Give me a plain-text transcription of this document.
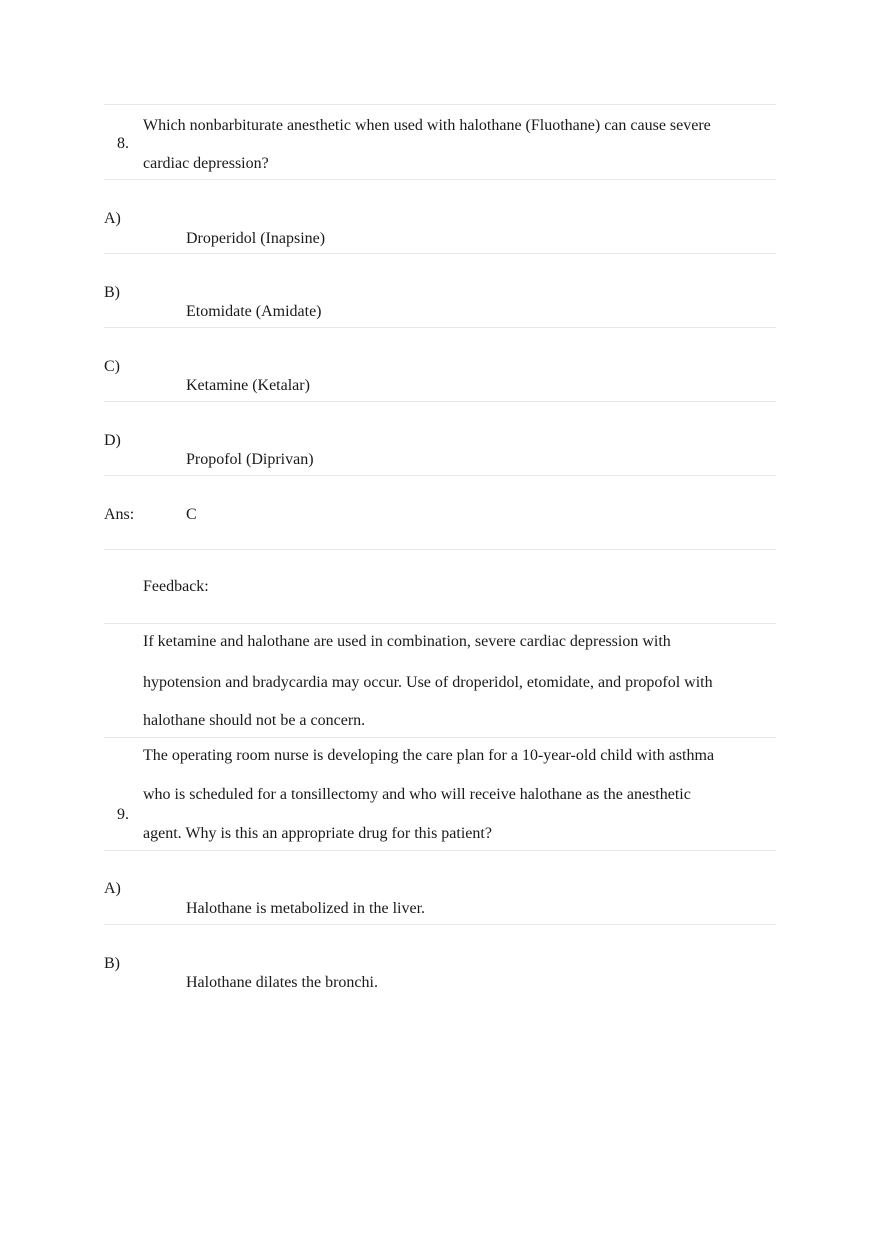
8.
Which nonbarbiturate anesthetic when used with halothane (Fluothane) can cause severe
cardiac depression?
A)
Droperidol (Inapsine)
B)
Etomidate (Amidate)
C)
Ketamine (Ketalar)
D)
Propofol (Diprivan)
Ans:	C
Feedback:
If ketamine and halothane are used in combination, severe cardiac depression with
hypotension and bradycardia may occur. Use of droperidol, etomidate, and propofol with
halothane should not be a concern.
9.
The operating room nurse is developing the care plan for a 10-year-old child with asthma
who is scheduled for a tonsillectomy and who will receive halothane as the anesthetic
agent. Why is this an appropriate drug for this patient?
A)
Halothane is metabolized in the liver.
B)
Halothane dilates the bronchi.
